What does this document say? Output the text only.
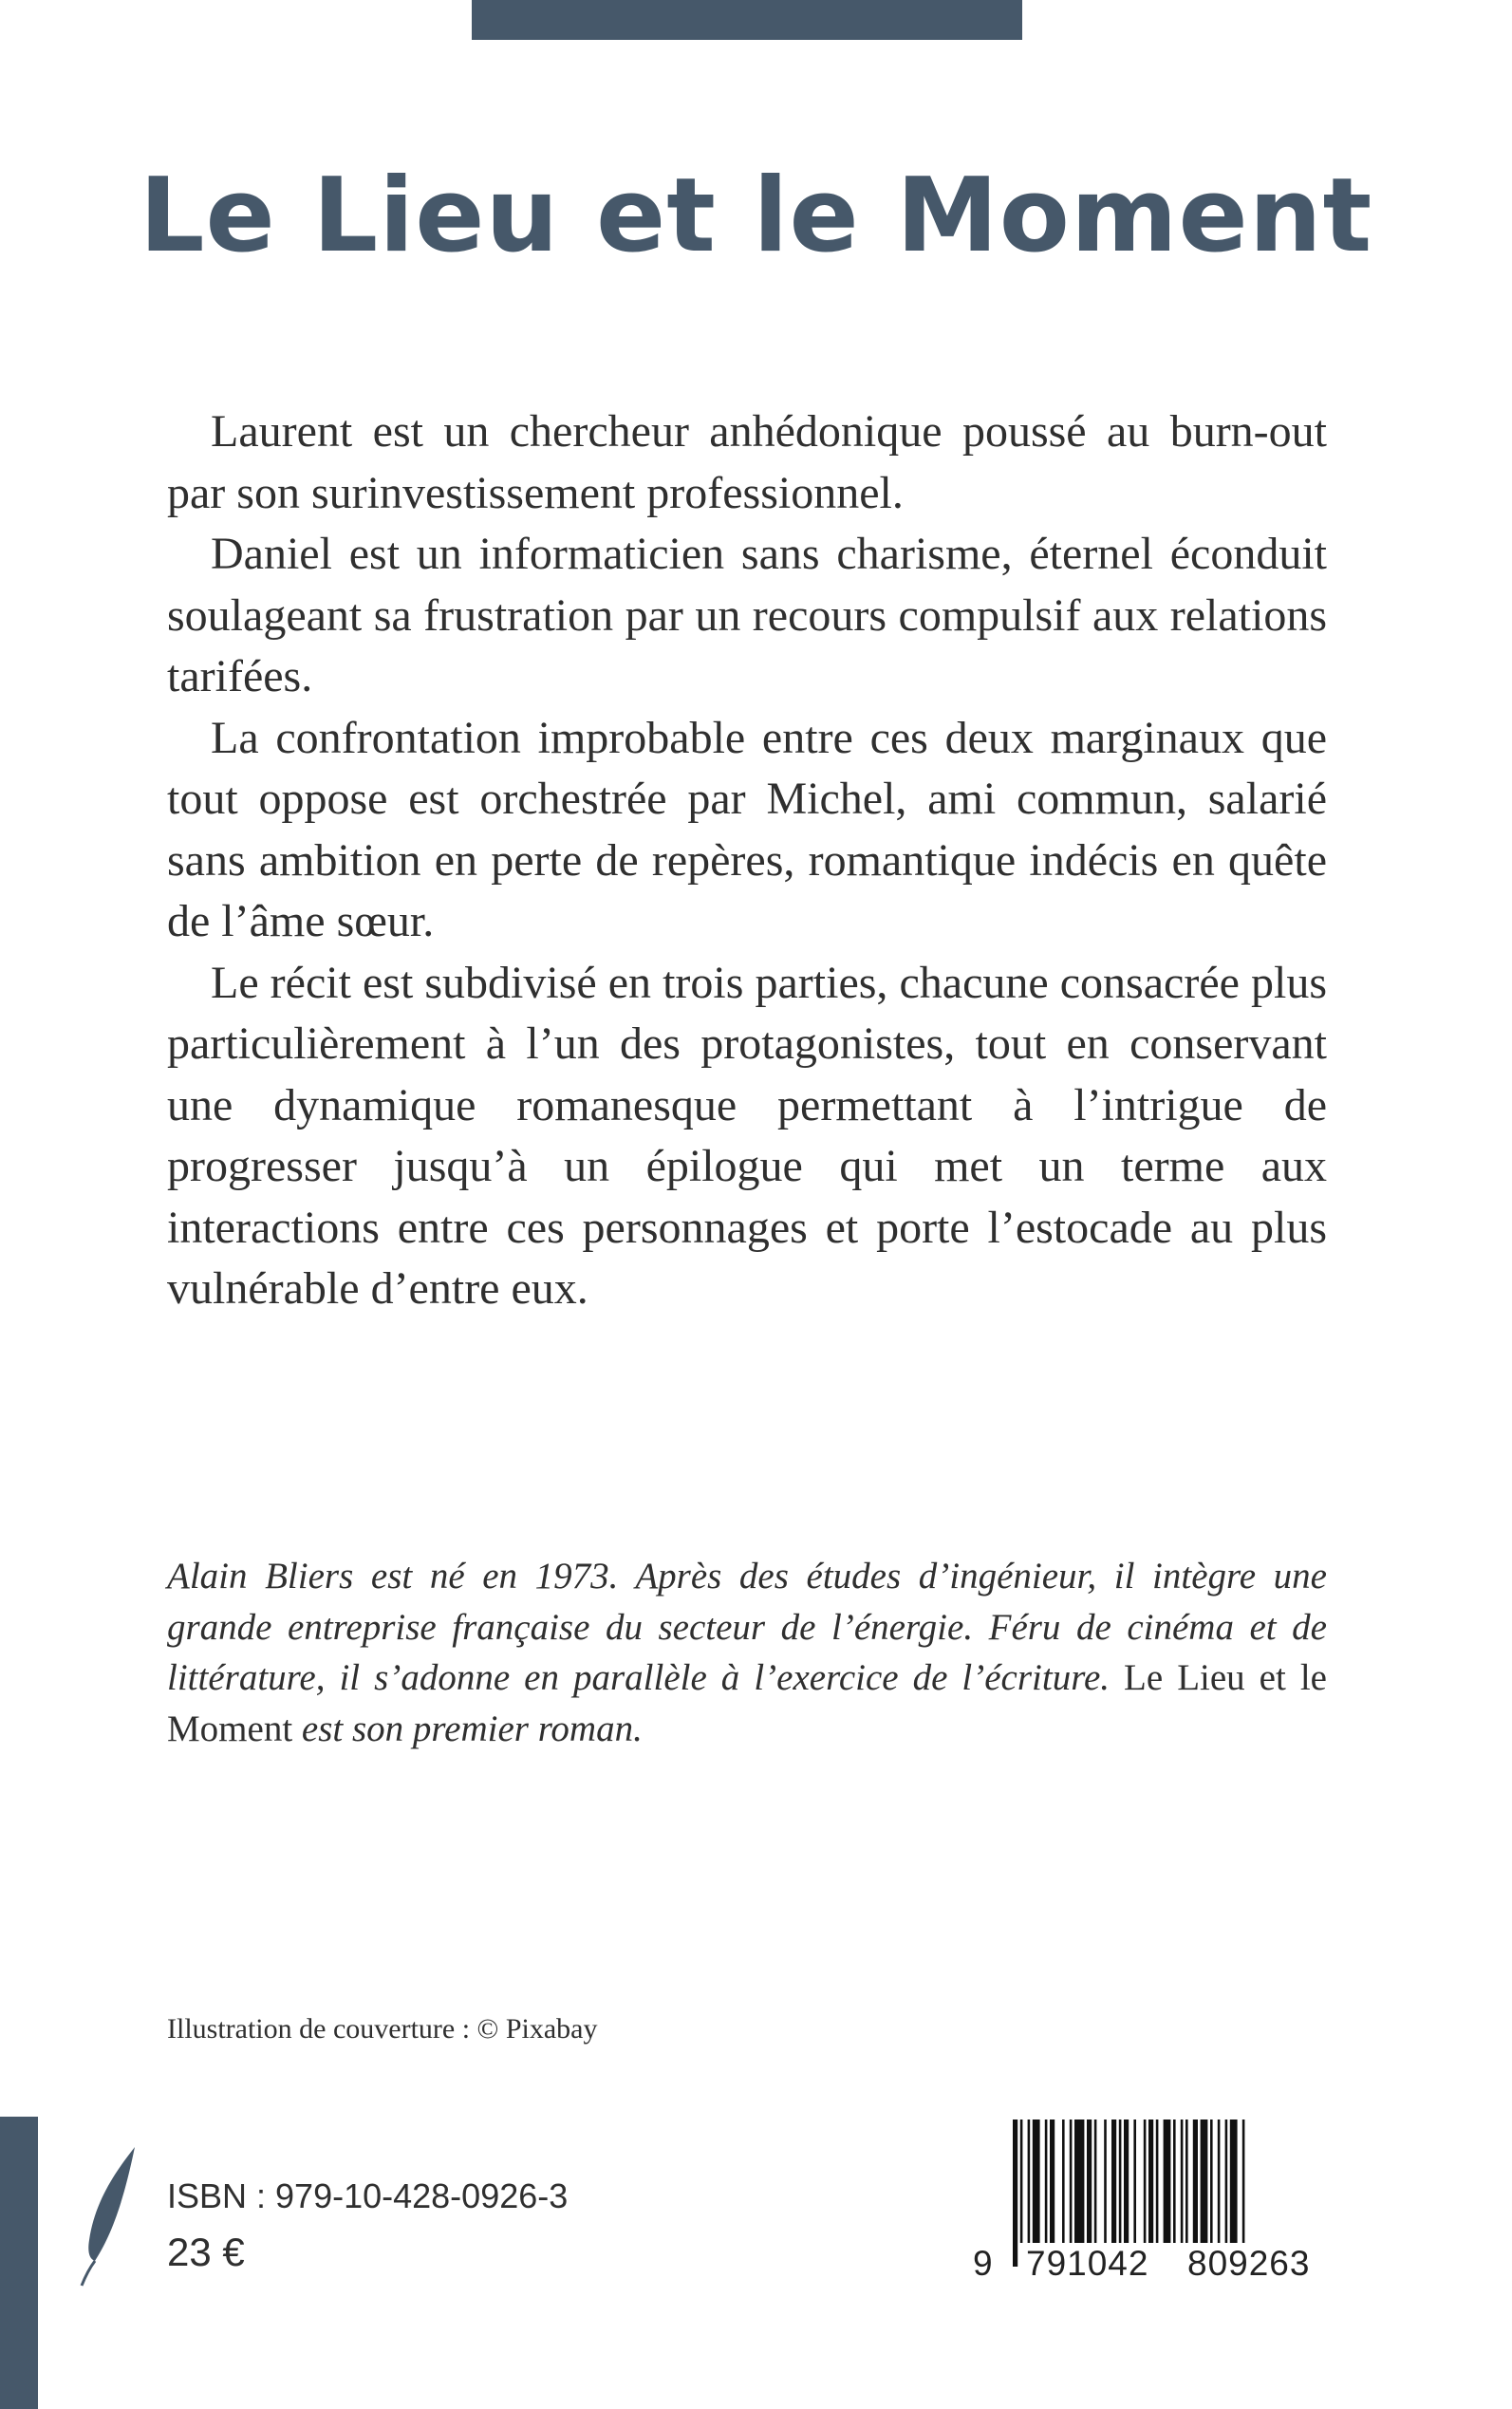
Le Lieu et le Moment

Laurent est un chercheur anhédonique poussé au burn-out par son surinvestissement professionnel.

Daniel est un informaticien sans charisme, éternel éconduit soulageant sa frustration par un recours compulsif aux relations tarifées.

La confrontation improbable entre ces deux marginaux que tout oppose est orchestrée par Michel, ami commun, salarié sans ambition en perte de repères, romantique indécis en quête de l’âme sœur.

Le récit est subdivisé en trois parties, chacune consacrée plus particulièrement à l’un des protagonistes, tout en conservant une dynamique romanesque permettant à l’intrigue de progresser jusqu’à un épilogue qui met un terme aux interactions entre ces personnages et porte l’estocade au plus vulnérable d’entre eux.

Alain Bliers est né en 1973. Après des études d’ingénieur, il intègre une grande entreprise française du secteur de l’énergie. Féru de cinéma et de littérature, il s’adonne en parallèle à l’exercice de l’écriture. Le Lieu et le Moment est son premier roman.

Illustration de couverture : © Pixabay

ISBN : 979-10-428-0926-3

23 €	9 791042 809263
